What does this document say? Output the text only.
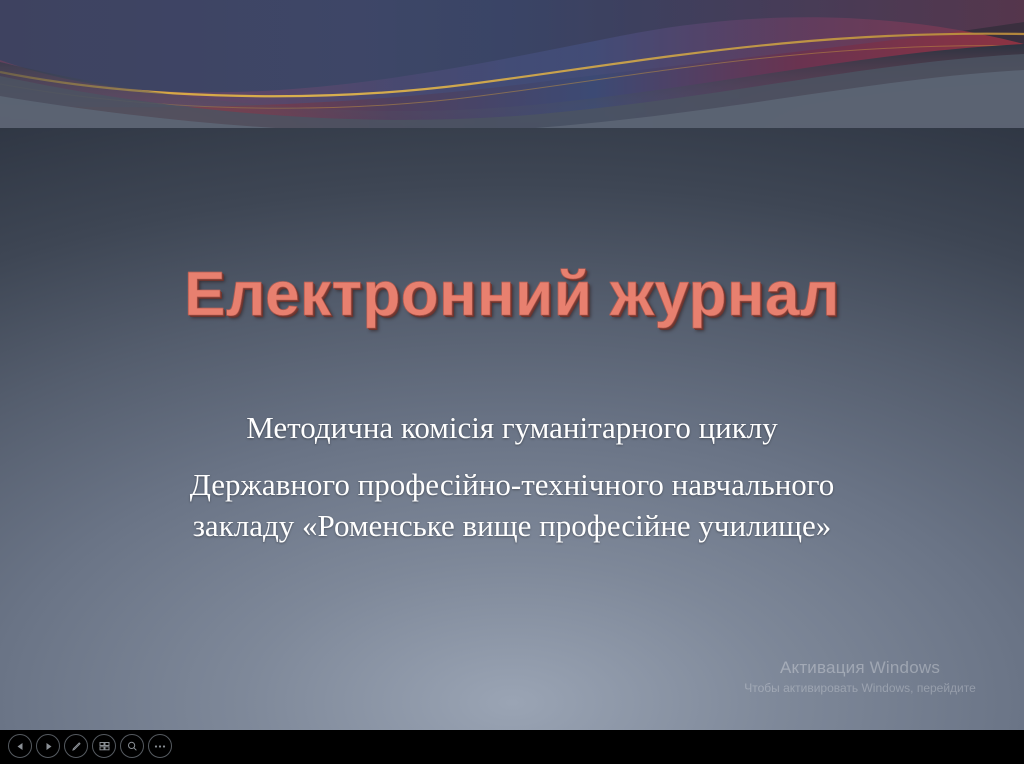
Електронний журнал
Методична комісія гуманітарного циклу
Державного професійно-технічного навчального
закладу «Роменське вище професійне училище»
Активация Windows
Чтобы активировать Windows, перейдите
